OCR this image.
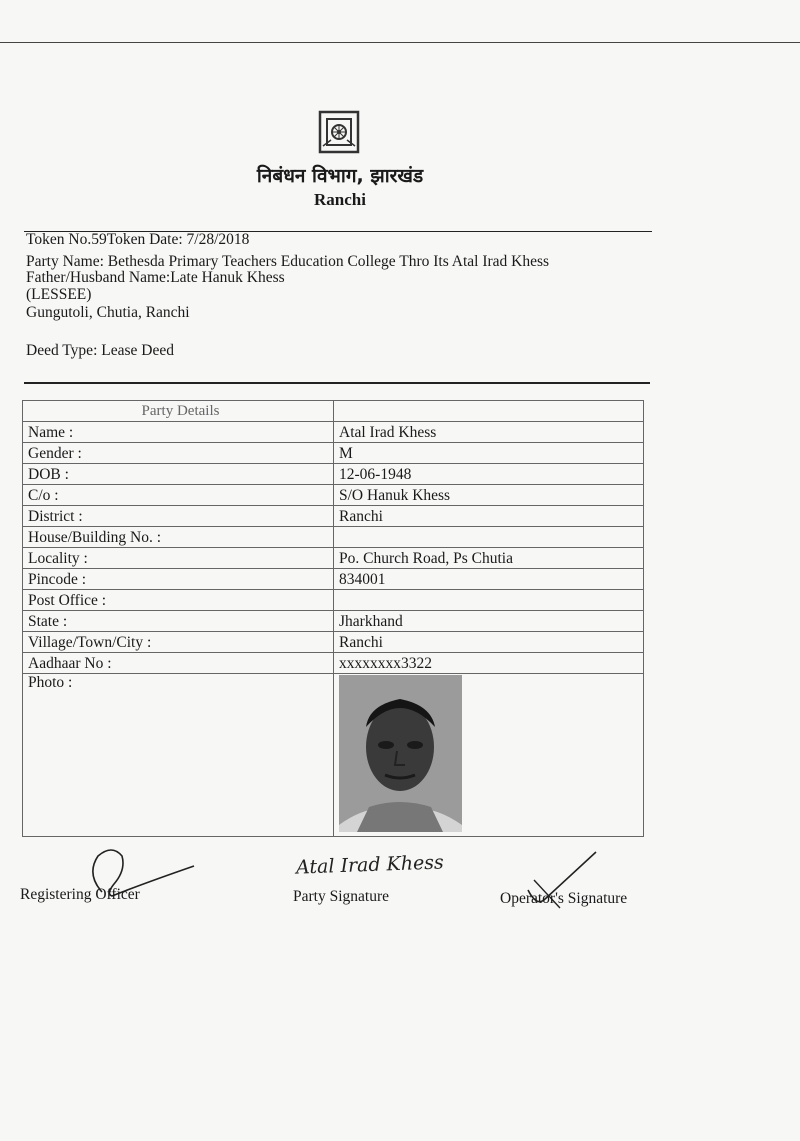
निबंधन विभाग, झारखंड
Ranchi
Token No.59Token Date: 7/28/2018
Party Name: Bethesda Primary Teachers Education College Thro Its Atal Irad Khess
Father/Husband Name:Late Hanuk Khess
(LESSEE)
Gungutoli, Chutia, Ranchi
Deed Type: Lease Deed
Party Details	
Name :	Atal Irad Khess
Gender :	M
DOB :	12-06-1948
C/o :	S/O Hanuk Khess
District :	Ranchi
House/Building No. :	
Locality :	Po. Church Road, Ps Chutia
Pincode :	834001
Post Office :	
State :	Jharkhand
Village/Town/City :	Ranchi
Aadhaar No :	xxxxxxxx3322
Photo :	
Registering Officer
Atal Irad Khess
Party Signature	Operator's Signature
